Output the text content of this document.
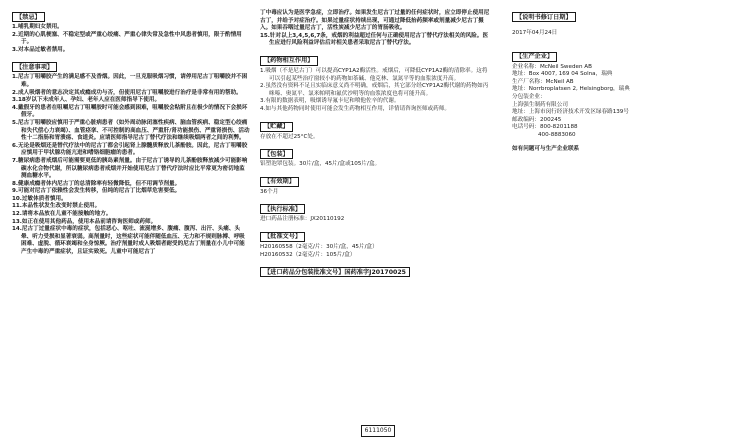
【禁忌】

1.哺乳期妇女禁用。

2.近期的心肌梗塞、不稳定型或严重心绞痛、严重心律失常及急性中风患者慎用，限于酌情用于。

3.对本品过敏者禁用。

【注意事项】

1.尼古丁咀嚼胶产生的满足感不及香烟。因此，一旦克服吸烟习惯，请停用尼古丁咀嚼胶并不困难。

2.成人吸烟者的意志决定其成瘾成功与否，但使用尼古丁咀嚼胶进行治疗是非常有用的帮助。

3.18岁以下未成年人、孕妇、老年人应在医师指导下使用。

4.戴假牙的患者在咀嚼尼古丁咀嚼胶时可能会感到困难，咀嚼胶会粘附且在极少的情况下会损坏假牙。

5.尼古丁咀嚼胶应慎用于严重心脏病患者（如外周动脉闭塞性疾病、脑血管疾病、稳定型心绞痛和失代偿心力衰竭）、血管痉挛、不可控制的高血压、严重肝/肾功能损伤、严重肾损伤、活动性十二指肠和胃溃疡、食道炎。应请医师指导尼古丁替代疗法和继续吸烟两者之间的利弊。

6.无论是吸烟还是替代疗法中的尼古丁都会引起肾上腺髓质释放儿茶酚胺。因此，尼古丁咀嚼胶应慎用于甲状腺功能亢进和嗜铬细胞瘤的患者。

7.糖尿病患者戒烟后可能需要更低的胰岛素剂量。由于尼古丁诱导的儿茶酚胺释放减少可能影响碳水化合物代谢，所以糖尿病患者戒烟并开始使用尼古丁替代疗法时应比平常更为密切地监测血糖水平。

8.健康成瘾者体内尼古丁的总清除率有轻微降低，但不用调节剂量。

9.可能对尼古丁依赖性会发生转移，但纯的尼古丁比烟草危害要低。

10.过敏体质者慎用。

11.本品性状发生改变时禁止使用。

12.请将本品放在儿童不能接触的地方。

13.如正在使用其他药品，使用本品前请咨询医师或药师。

14.尼古丁过量症状中毒的症状，包括恶心、呕吐、流涎增多、腹痛、腹泻、出汗、头痛、头晕、听力受损和显著衰弱。高剂量时，这些症状可能伴随低血压、无力和不规则脉搏、呼吸困难、虚脱、循环衰竭和全身惊厥。治疗剂量时成人吸烟者耐受的尼古丁剂量在小儿中可能产生中毒的严重症状，且证实致死。儿童中可能尼古丁

丁中毒应认为是医学急症，立即治疗。如果发生尼古丁过量的任何症状时，应立即停止使用尼古丁，并给予对症治疗。如果过量症状持续出现，可通过降低抬药频率或剂量减少尼古丁摄入。如果吞咽过量尼古丁，活性炭减少尼古丁的胃肠吸收。

15.针对以上3,4,5,6,7条，戒烟的利益超过任何与正确使用尼古丁替代疗法相关的风险。医生应进行风险利益评估后对相关患者采取尼古丁替代疗法。

【药物相互作用】

1.吸烟（不是尼古丁）可以提高CYP1A2酶活性。戒烟后，可降低CYP1A2酶的清除率。这将可以引起某些治疗窗较小的药物如茶碱、他克林、氯氮平等的血浆浓度升高。

2.虽然没有资料不足且实临床意义尚不明确，戒烟后，其它部分经CYP1A2酶代谢的药物如丙咪嗪、奥氮平、氯米帕明和氟伏沙明等的血浆浓度也将可能升高。

3.有限的数据表明，吸烟诱导氟卡尼和喷他佐辛的代谢。

4.如与其他药物同时使用可能会发生药物相互作用，详情请咨询医师或药师。

【贮藏】

存放在不超过25°C处。

【包装】

铝塑泡罩包装。30片/盒，45片/盒或105片/盒。

【有效期】

36个月

【执行标准】

进口药品注册标准：JX20110192

【批准文号】

H20160558（2毫克/片：30片/盒，45片/盒）

H20160532（2毫克/片：105片/盒）

【进口药品分包装批准文号】国药准字J20170025
【说明书修订日期】

2017年04月24日

【生产企业】

企业名称：McNeil Sweden AB

地址：Box 4007, 169 04 Solna，瑞典

生产厂名称：McNeil AB

地址：Norrbroplatsen 2, Helsingborg，瑞典

分包装企业：

上海强生制药有限公司

地址：上海市闵行经济技术开发区绿春路139号

邮政编码：200245

电话号码：800-8201188

400-8883060

如有问题可与生产企业联系

6111050
